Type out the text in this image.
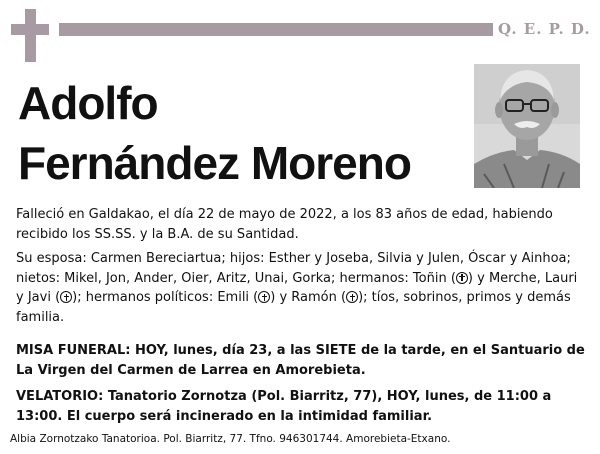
Q. E. P. D.
Adolfo
Fernández Moreno

Falleció en Galdakao, el día 22 de mayo de 2022, a los 83 años de edad, habiendo recibido los SS.SS. y la B.A. de su Santidad.

Su esposa: Carmen Bereciartua; hijos: Esther y Joseba, Silvia y Julen, Óscar y Ainhoa; nietos: Mikel, Jon, Ander, Oier, Aritz, Unai, Gorka; hermanos: Toñin ( ) y Merche, Lauri y Javi ( ); hermanos políticos: Emili ( ) y Ramón ( ); tíos, sobrinos, primos y demás familia.

MISA FUNERAL: HOY, lunes, día 23, a las SIETE de la tarde, en el Santuario de La Virgen del Carmen de Larrea en Amorebieta.

VELATORIO: Tanatorio Zornotza (Pol. Biarritz, 77), HOY, lunes, de 11:00 a 13:00. El cuerpo será incinerado en la intimidad familiar.

Albia Zornotzako Tanatorioa. Pol. Biarritz, 77. Tfno. 946301744. Amorebieta-Etxano.
